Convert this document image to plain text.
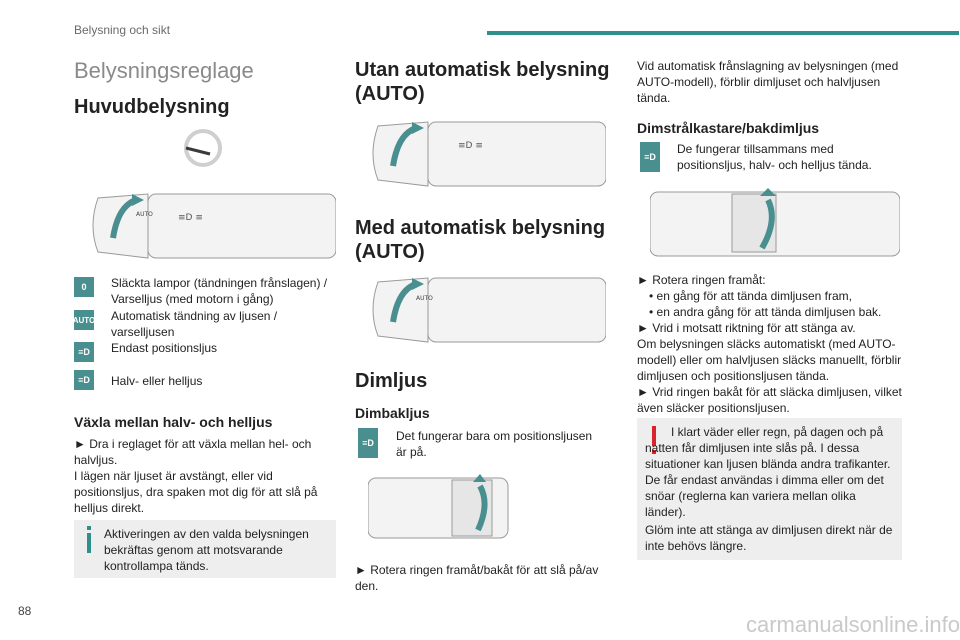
Belysning och sikt
Belysningsreglage
Huvudbelysning
AUTO	≡D ≡
0	Släckta lampor (tändningen frånslagen) / Varselljus (med motorn i gång)
AUTO Automatisk tändning av ljusen / varselljusen
≡D	Endast positionsljus
≡D	Halv- eller helljus
Växla mellan halv- och helljus
► Dra i reglaget för att växla mellan hel- och halvljus.
I lägen när ljuset är avstängt, eller vid positionsljus, dra spaken mot dig för att slå på helljus direkt.
Aktiveringen av den valda belysningen bekräftas genom att motsvarande kontrollampa tänds.
Utan automatisk belysning (AUTO)
≡D ≡
Med automatisk belysning (AUTO)
AUTO
Dimljus
Dimbakljus
≡D	Det fungerar bara om positionsljusen är på.
► Rotera ringen framåt/bakåt för att slå på/av den.
Vid automatisk frånslagning av belysningen (med AUTO-modell), förblir dimljuset och halvljusen tända.
Dimstrålkastare/bakdimljus
≡D
De fungerar tillsammans med positionsljus, halv- och helljus tända.
► Rotera ringen framåt:
• en gång för att tända dimljusen fram,
• en andra gång för att tända dimljusen bak.
► Vrid i motsatt riktning för att stänga av.
Om belysningen släcks automatiskt (med AUTO-modell) eller om halvljusen släcks manuellt, förblir dimljusen och positionsljusen tända.
► Vrid ringen bakåt för att släcka dimljusen, vilket även släcker positionsljusen.
I klart väder eller regn, på dagen och på natten får dimljusen inte slås på. I dessa situationer kan ljusen blända andra trafikanter. De får endast användas i dimma eller om det snöar (reglerna kan variera mellan olika länder).
Glöm inte att stänga av dimljusen direkt när de inte behövs längre.
88
carmanualsonline.info
